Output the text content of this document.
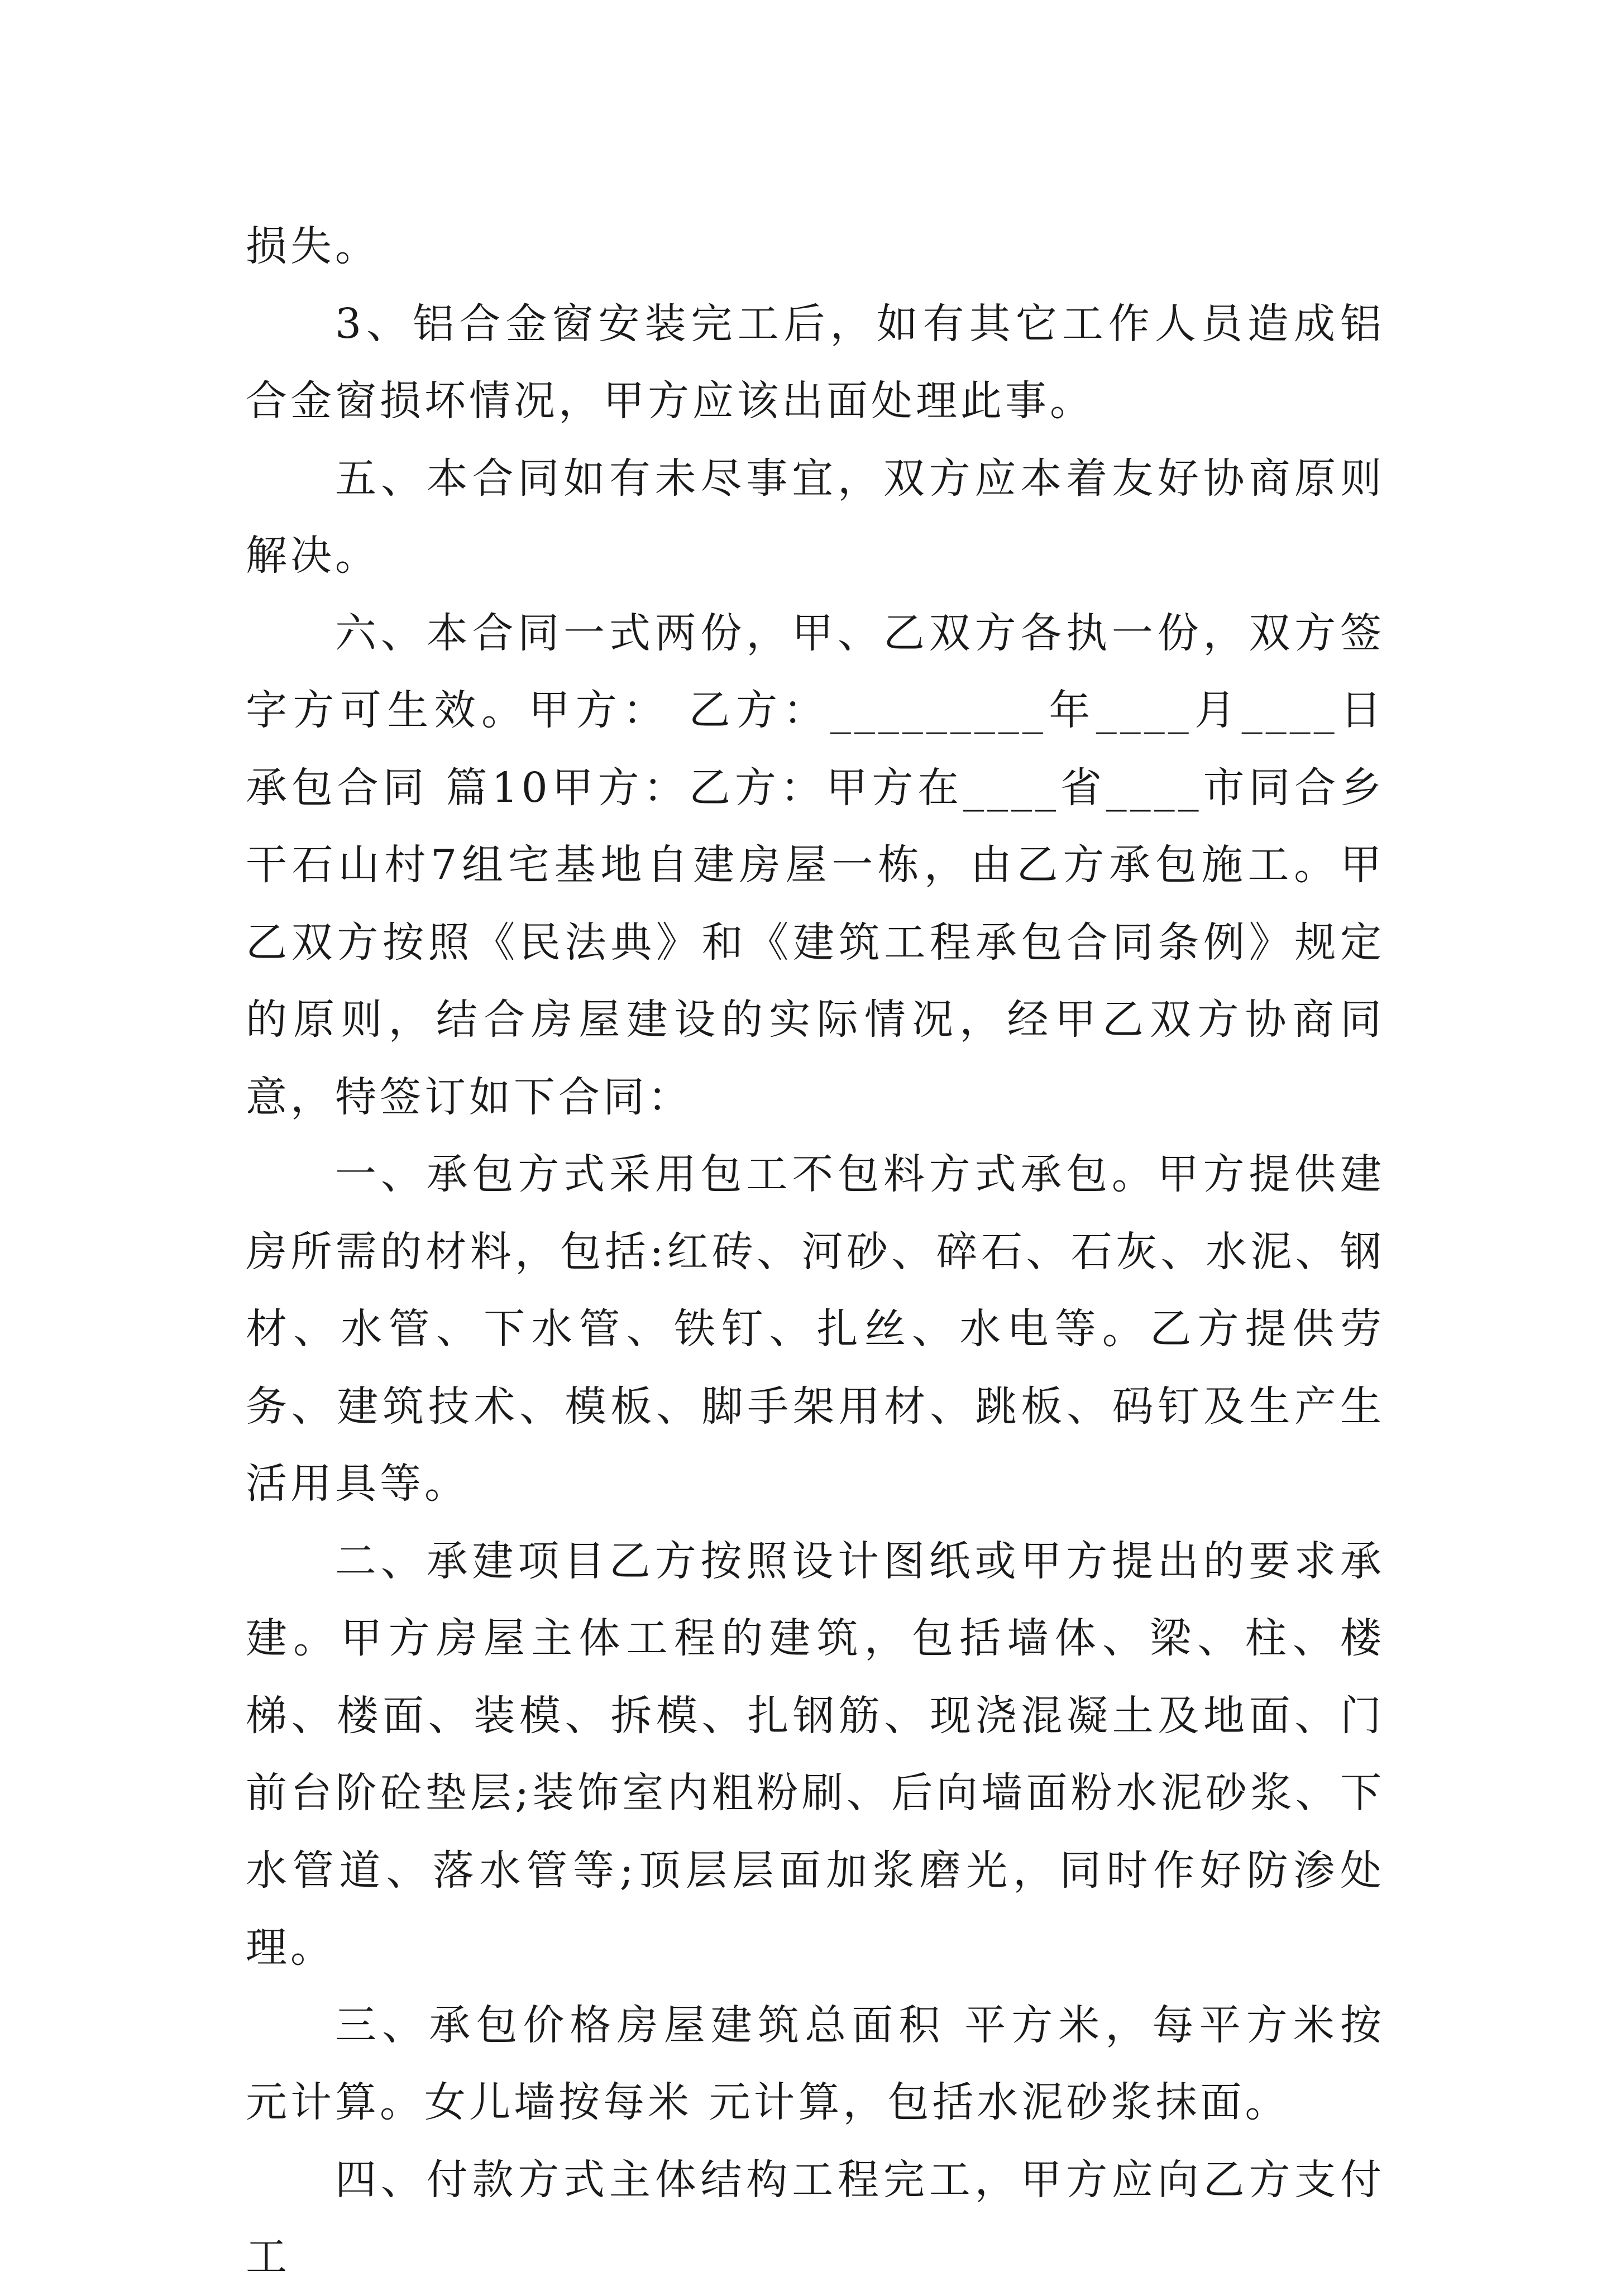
损失。

3、铝合金窗安装完工后，如有其它工作人员造成铝合金窗损坏情况，甲方应该出面处理此事。

五、本合同如有未尽事宜，双方应本着友好协商原则解决。

六、本合同一式两份，甲、乙双方各执一份，双方签字方可生效。甲方： 乙方：_________年____月____日承包合同 篇10甲方：乙方：甲方在____省____市同合乡干石山村7组宅基地自建房屋一栋，由乙方承包施工。甲乙双方按照《民法典》和《建筑工程承包合同条例》规定的原则，结合房屋建设的实际情况，经甲乙双方协商同意，特签订如下合同：

一、承包方式采用包工不包料方式承包。甲方提供建房所需的材料，包括:红砖、河砂、碎石、石灰、水泥、钢材、水管、下水管、铁钉、扎丝、水电等。乙方提供劳务、建筑技术、模板、脚手架用材、跳板、码钉及生产生活用具等。

二、承建项目乙方按照设计图纸或甲方提出的要求承建。甲方房屋主体工程的建筑，包括墙体、梁、柱、楼梯、楼面、装模、拆模、扎钢筋、现浇混凝土及地面、门前台阶砼垫层;装饰室内粗粉刷、后向墙面粉水泥砂浆、下水管道、落水管等;顶层层面加浆磨光，同时作好防渗处理。

三、承包价格房屋建筑总面积 平方米，每平方米按 元计算。女儿墙按每米 元计算，包括水泥砂浆抹面。

四、付款方式主体结构工程完工，甲方应向乙方支付工
